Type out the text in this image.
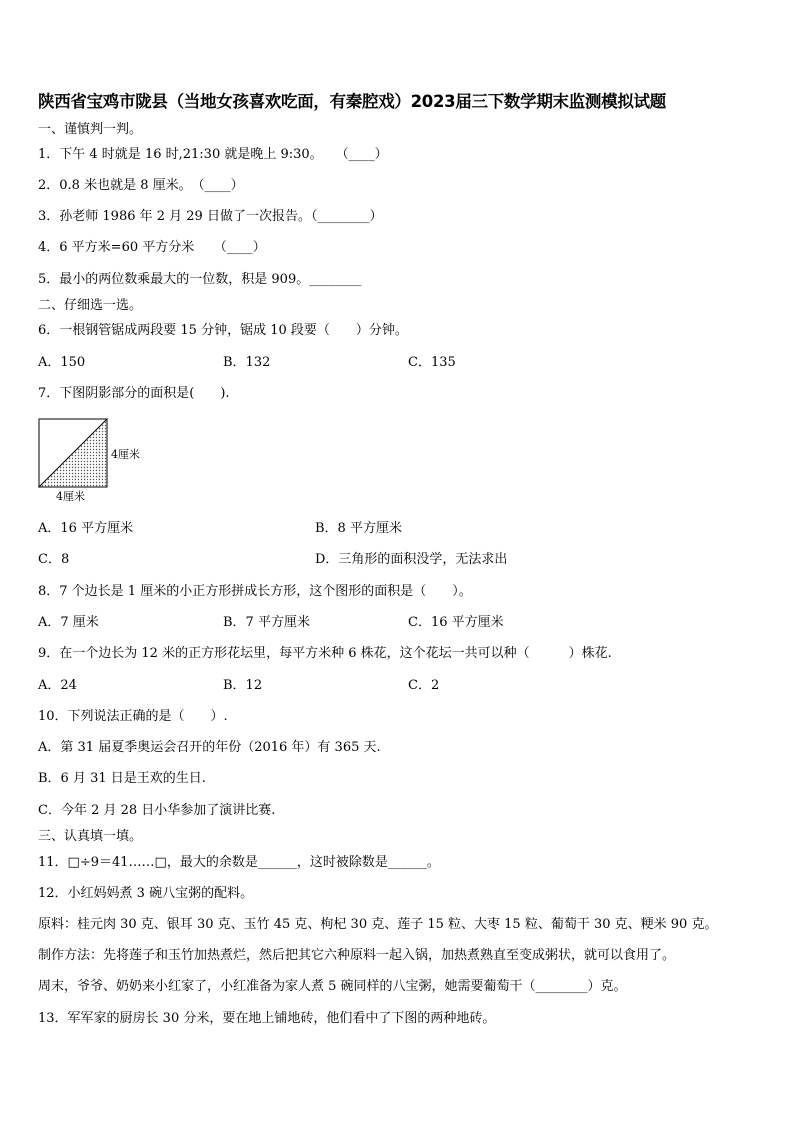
陕西省宝鸡市陇县（当地女孩喜欢吃面，有秦腔戏）2023届三下数学期末监测模拟试题
一、谨慎判一判。
1．下午 4 时就是 16 时,21:30 就是晚上 9:30。　　（____）
2．0.8 米也就是 8 厘米。　（____）
3．孙老师 1986 年 2 月 29 日做了一次报告。（________）
4．6 平方米=60 平方分米　　（____）
5．最小的两位数乘最大的一位数，积是 909。________
二、仔细选一选。
6．一根钢管锯成两段要 15 分钟，锯成 10 段要（　　）分钟。
A．150	B．132	C．135
7．下图阴影部分的面积是(　　).
4厘米
4厘米
A．16 平方厘米	B．8 平方厘米
C．8	D．三角形的面积没学，无法求出
8．7 个边长是 1 厘米的小正方形拼成长方形，这个图形的面积是（　　）。
A．7 厘米	B．7 平方厘米	C．16 平方厘米
9．在一个边长为 12 米的正方形花坛里，每平方米种 6 株花，这个花坛一共可以种（　　　）株花.
A．24	B．12	C．2
10．下列说法正确的是（　　）.
A．第 31 届夏季奥运会召开的年份（2016 年）有 365 天.
B．6 月 31 日是王欢的生日.
C．今年 2 月 28 日小华参加了演讲比赛.
三、认真填一填。
11．□÷9＝41……□，最大的余数是______，这时被除数是______。
12．小红妈妈煮 3 碗八宝粥的配料。
原料：桂元肉 30 克、银耳 30 克、玉竹 45 克、枸杞 30 克、莲子 15 粒、大枣 15 粒、葡萄干 30 克、粳米 90 克。
制作方法：先将莲子和玉竹加热煮烂，然后把其它六种原料一起入锅，加热煮熟直至变成粥状，就可以食用了。
周末，爷爷、奶奶来小红家了，小红准备为家人煮 5 碗同样的八宝粥，她需要葡萄干（________）克。
13．军军家的厨房长 30 分米，要在地上铺地砖，他们看中了下图的两种地砖。
